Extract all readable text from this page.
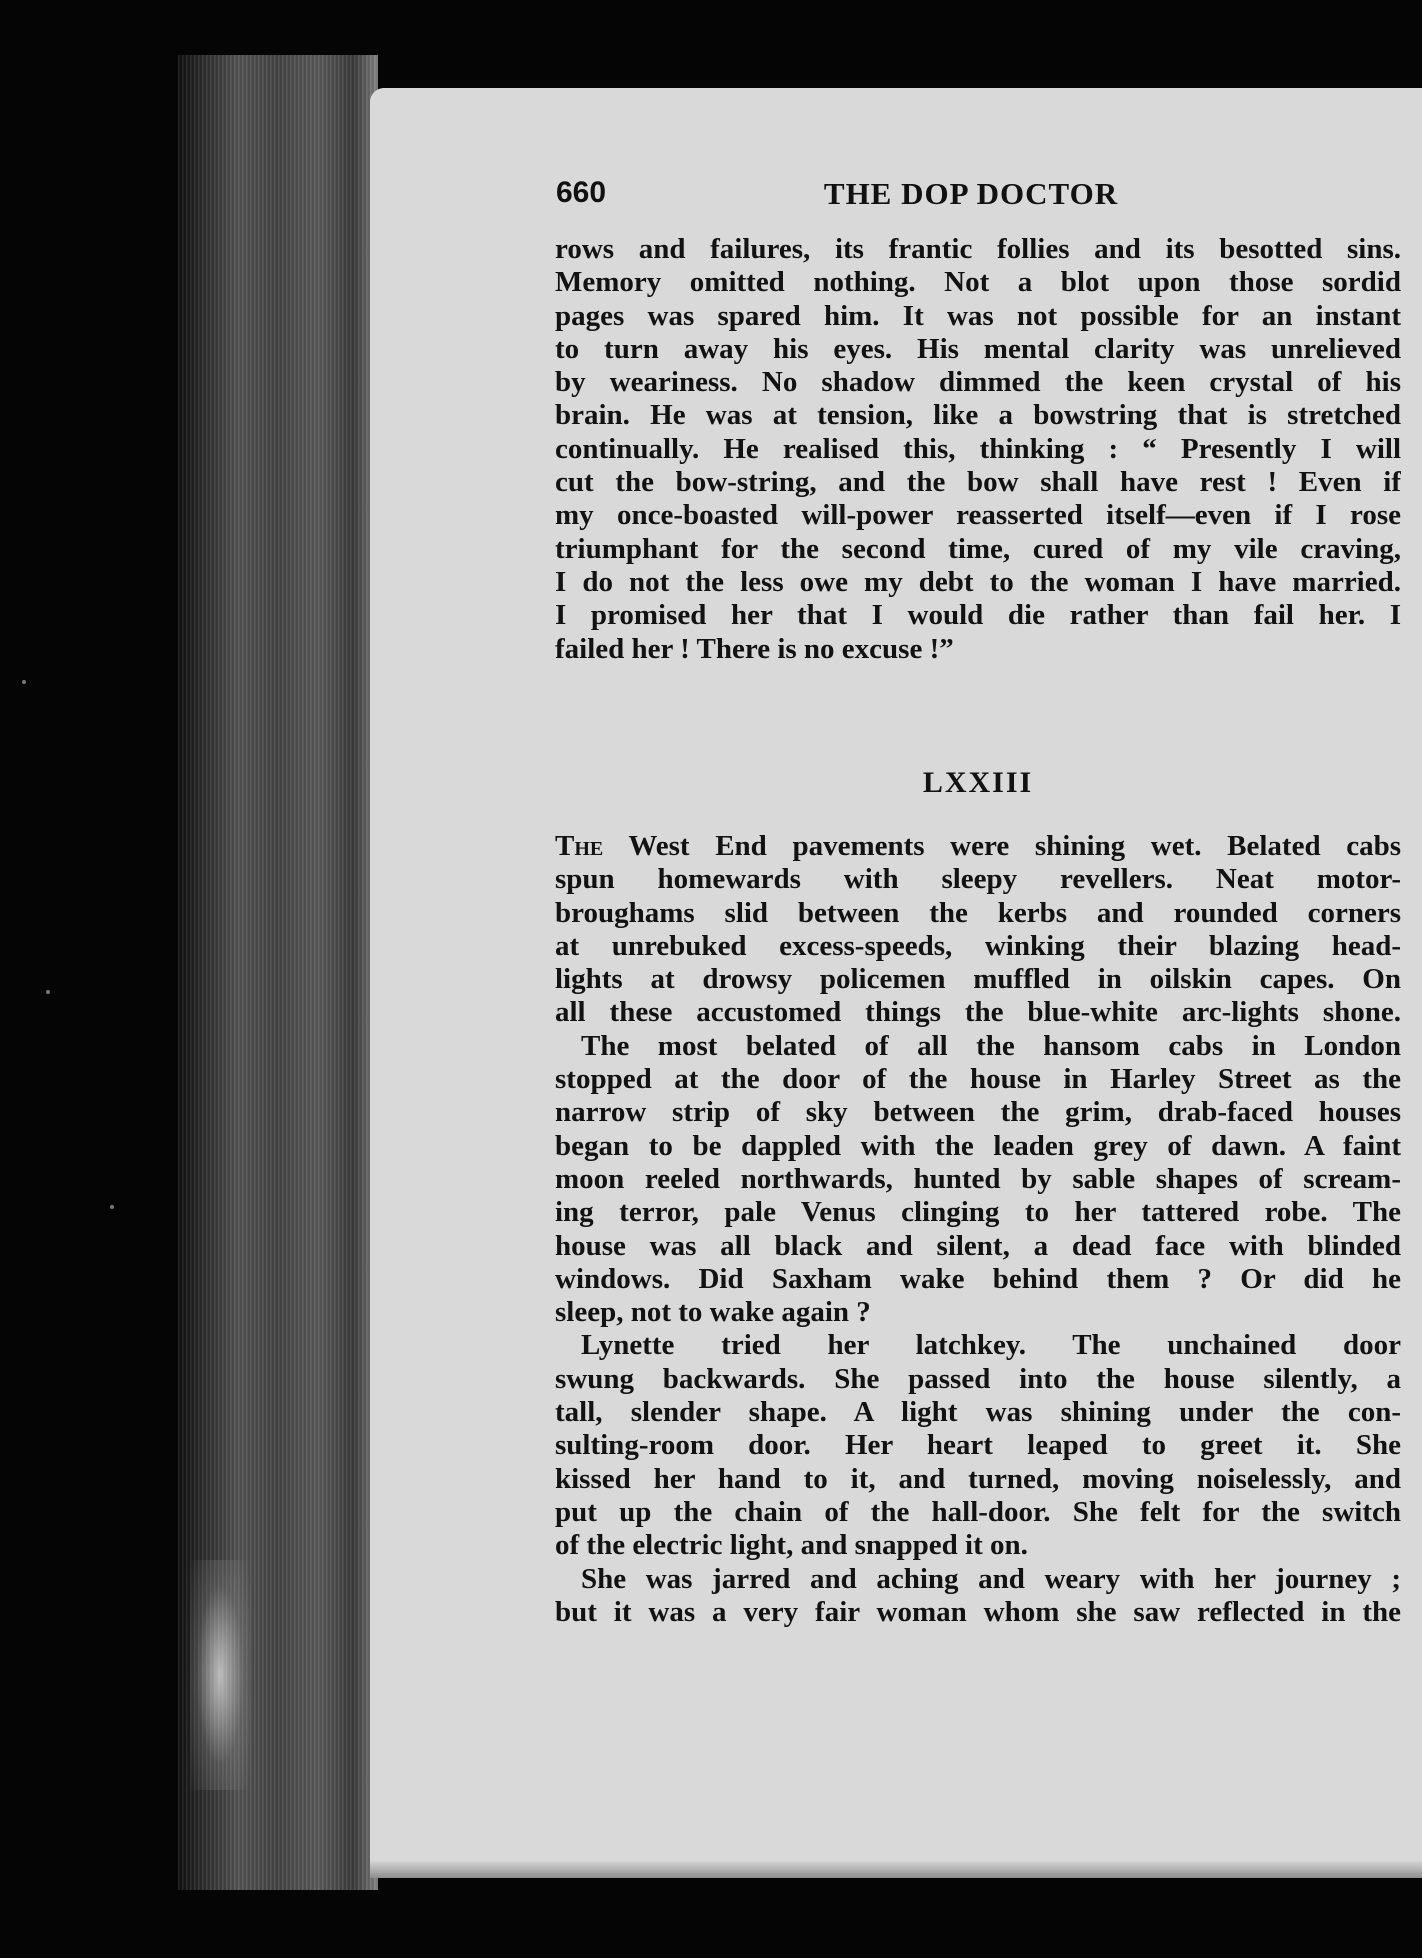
660	THE DOP DOCTOR
rows and failures, its frantic follies and its besotted sins.
Memory omitted nothing. Not a blot upon those sordid
pages was spared him. It was not possible for an instant
to turn away his eyes. His mental clarity was unrelieved
by weariness. No shadow dimmed the keen crystal of his
brain. He was at tension, like a bowstring that is stretched
continually. He realised this, thinking : “ Presently I will
cut the bow-string, and the bow shall have rest ! Even if
my once-boasted will-power reasserted itself—even if I rose
triumphant for the second time, cured of my vile craving,
I do not the less owe my debt to the woman I have married.
I promised her that I would die rather than fail her. I
failed her ! There is no excuse !”
LXXIII
The West End pavements were shining wet. Belated cabs
spun homewards with sleepy revellers. Neat motor-
broughams slid between the kerbs and rounded corners
at unrebuked excess-speeds, winking their blazing head-
lights at drowsy policemen muffled in oilskin capes. On
all these accustomed things the blue-white arc-lights shone.
The most belated of all the hansom cabs in London
stopped at the door of the house in Harley Street as the
narrow strip of sky between the grim, drab-faced houses
began to be dappled with the leaden grey of dawn. A faint
moon reeled northwards, hunted by sable shapes of scream-
ing terror, pale Venus clinging to her tattered robe. The
house was all black and silent, a dead face with blinded
windows. Did Saxham wake behind them ? Or did he
sleep, not to wake again ?
Lynette tried her latchkey. The unchained door
swung backwards. She passed into the house silently, a
tall, slender shape. A light was shining under the con-
sulting-room door. Her heart leaped to greet it. She
kissed her hand to it, and turned, moving noiselessly, and
put up the chain of the hall-door. She felt for the switch
of the electric light, and snapped it on.
She was jarred and aching and weary with her journey ;
but it was a very fair woman whom she saw reflected in the
